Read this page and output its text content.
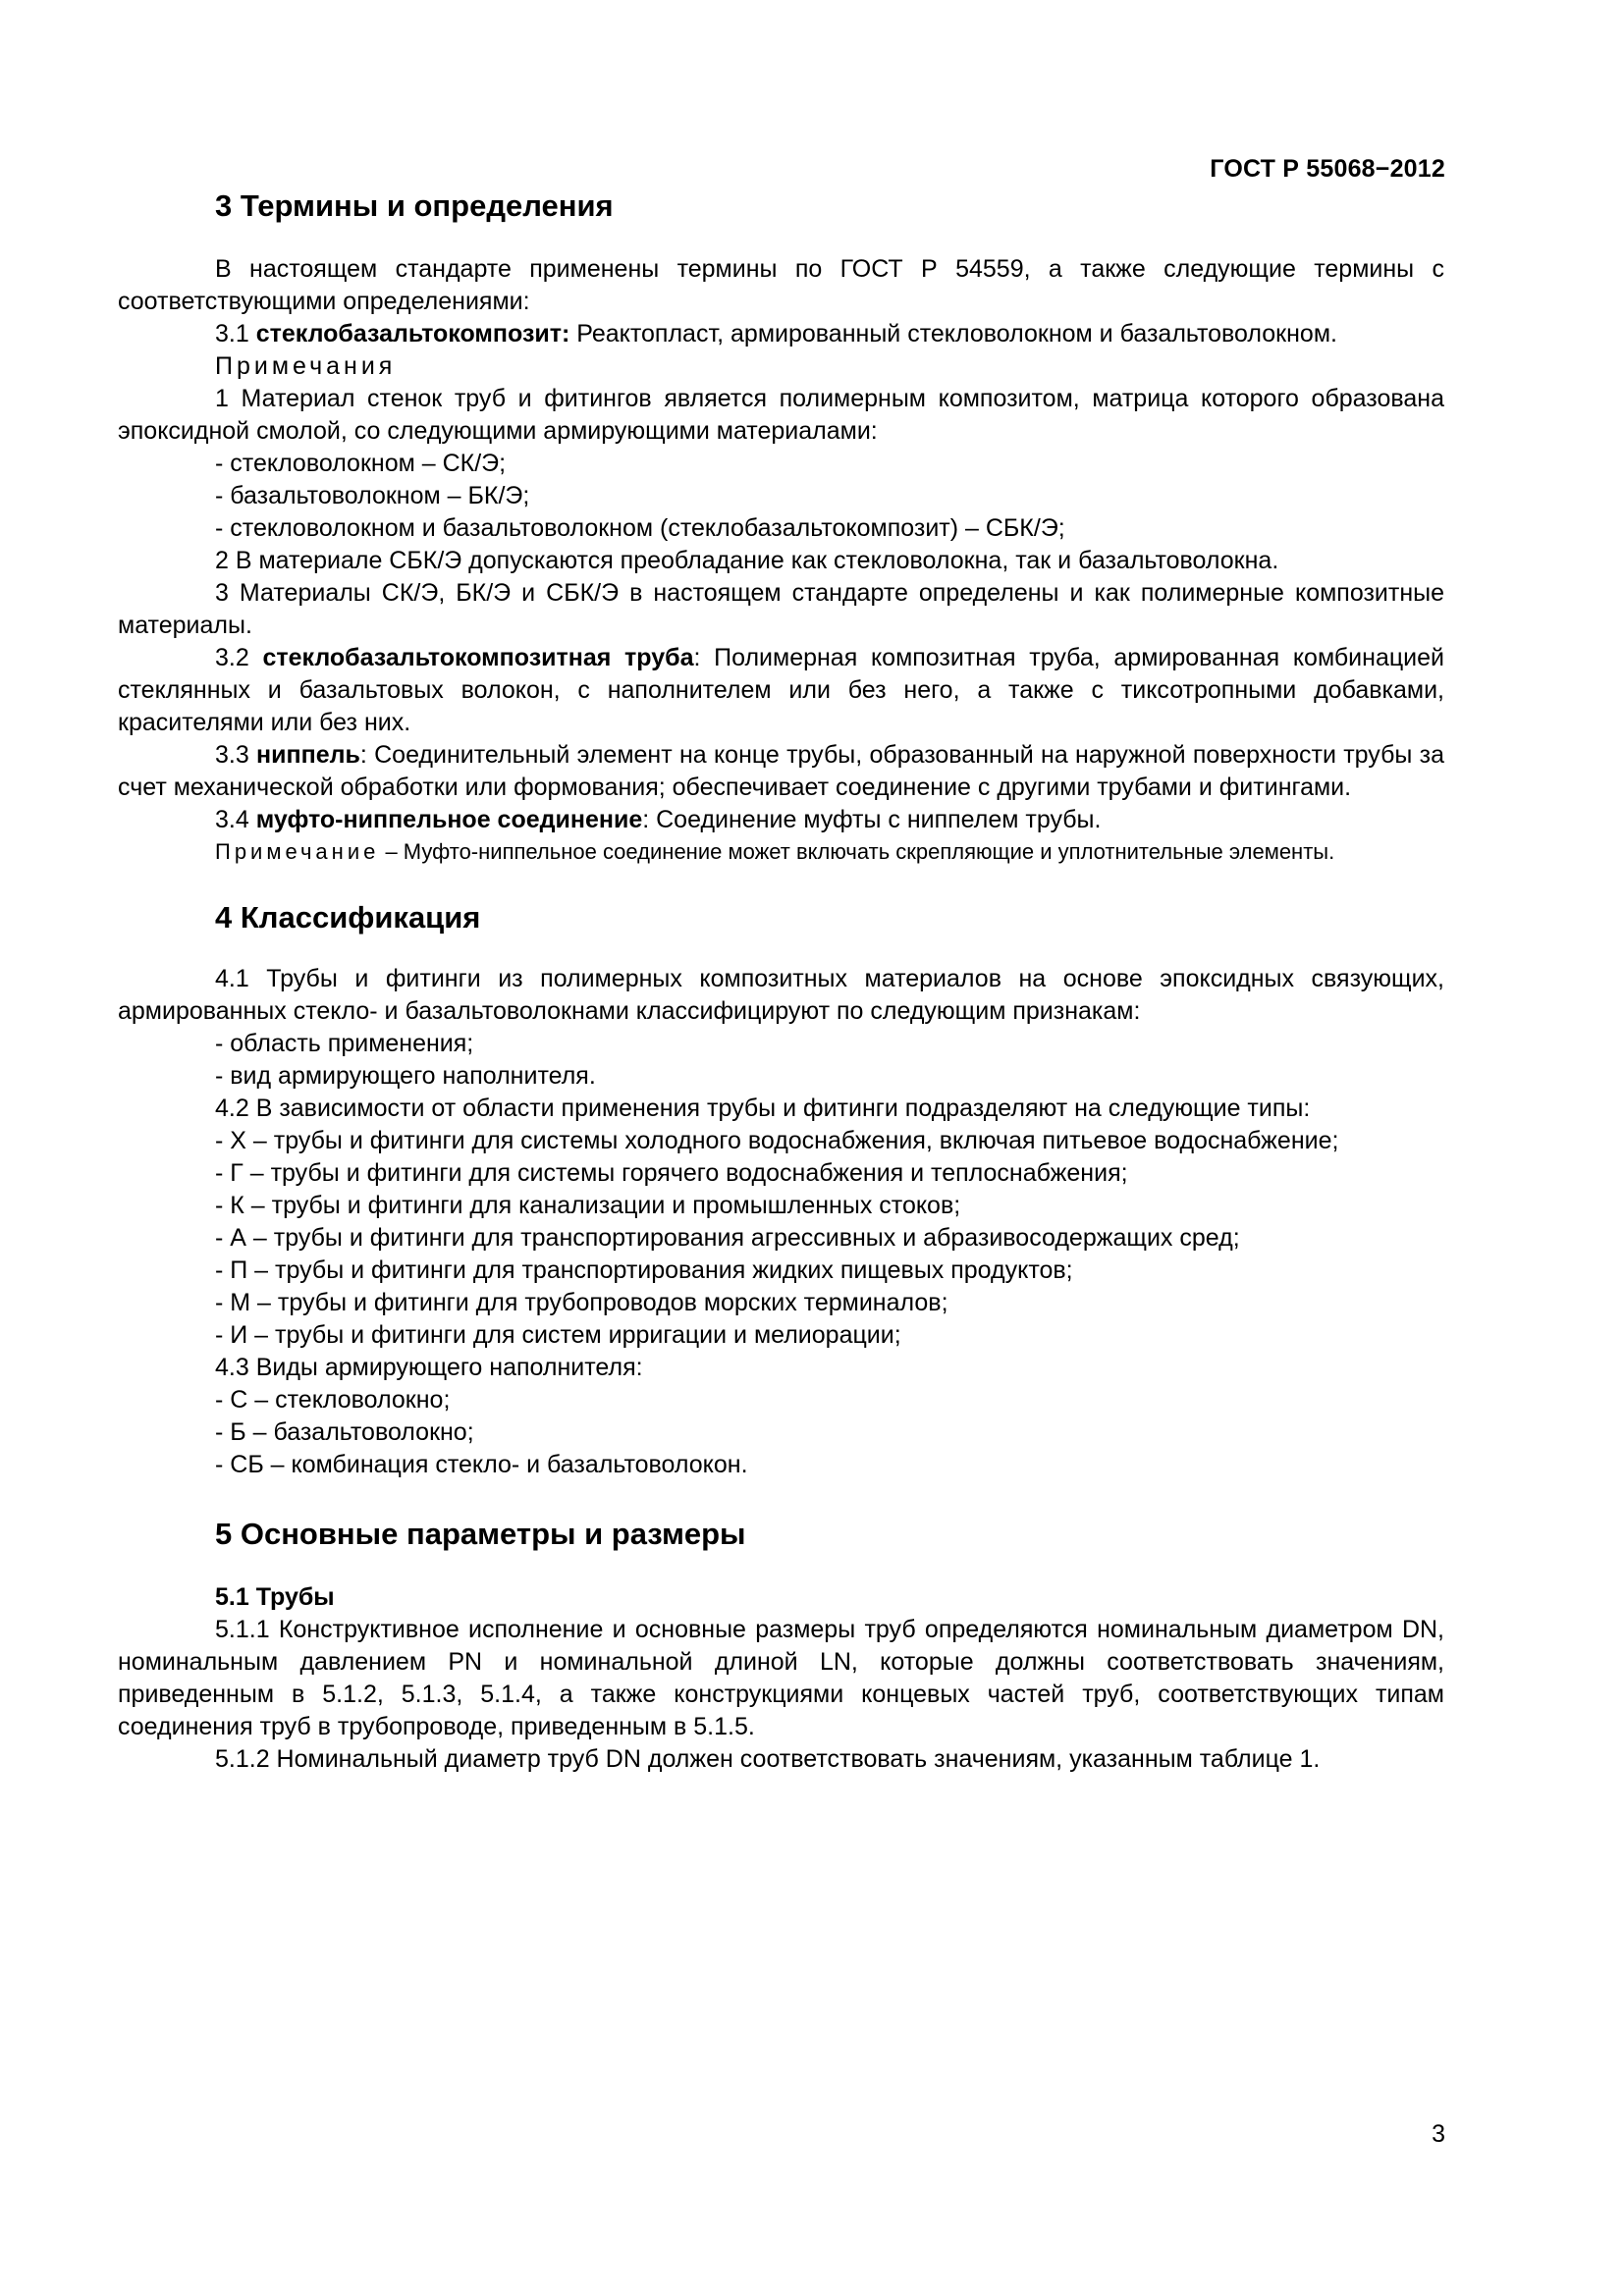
ГОСТ Р 55068−2012
3 Термины и определения

В настоящем стандарте применены термины по ГОСТ Р 54559, а также следующие термины с соответствующими определениями:

3.1 стеклобазальтокомпозит: Реактопласт, армированный стекловолокном и базальтоволокном.

Примечания

1 Материал стенок труб и фитингов является полимерным композитом, матрица которого образована эпоксидной смолой, со следующими армирующими материалами:

- стекловолокном – СК/Э;

- базальтоволокном – БК/Э;

- стекловолокном и базальтоволокном (стеклобазальтокомпозит) – СБК/Э;

2 В материале СБК/Э допускаются преобладание как стекловолокна, так и базальтоволокна.

3 Материалы СК/Э, БК/Э и СБК/Э в настоящем стандарте определены и как полимерные композитные материалы.

3.2 стеклобазальтокомпозитная труба: Полимерная композитная труба, армированная комбинацией стеклянных и базальтовых волокон, с наполнителем или без него, а также с тиксотропными добавками, красителями или без них.

3.3 ниппель: Соединительный элемент на конце трубы, образованный на наружной поверхности трубы за счет механической обработки или формования; обеспечивает соединение с другими трубами и фитингами.

3.4 муфто-ниппельное соединение: Соединение муфты с ниппелем трубы.

Примечание – Муфто-ниппельное соединение может включать скрепляющие и уплотнительные элементы.

4 Классификация

4.1 Трубы и фитинги из полимерных композитных материалов на основе эпоксидных связующих, армированных стекло- и базальтоволокнами классифицируют по следующим признакам:

- область применения;

- вид армирующего наполнителя.

4.2 В зависимости от области применения трубы и фитинги подразделяют на следующие типы:

- Х – трубы и фитинги для системы холодного водоснабжения, включая питьевое водоснабжение;

- Г – трубы и фитинги для системы горячего водоснабжения и теплоснабжения;

- К – трубы и фитинги для канализации и промышленных стоков;

- А – трубы и фитинги для транспортирования агрессивных и абразивосодержащих сред;

- П – трубы и фитинги для транспортирования жидких пищевых продуктов;

- М – трубы и фитинги для трубопроводов морских терминалов;

- И – трубы и фитинги для систем ирригации и мелиорации;

4.3 Виды армирующего наполнителя:

- С – стекловолокно;

- Б – базальтоволокно;

- СБ – комбинация стекло- и базальтоволокон.

5 Основные параметры и размеры
5.1 Трубы

5.1.1 Конструктивное исполнение и основные размеры труб определяются номинальным диаметром DN, номинальным давлением PN и номинальной длиной LN, которые должны соответствовать значениям, приведенным в 5.1.2, 5.1.3, 5.1.4, а также конструкциями концевых частей труб, соответствующих типам соединения труб в трубопроводе, приведенным в 5.1.5.

5.1.2 Номинальный диаметр труб DN должен соответствовать значениям, указанным таблице 1.

3
